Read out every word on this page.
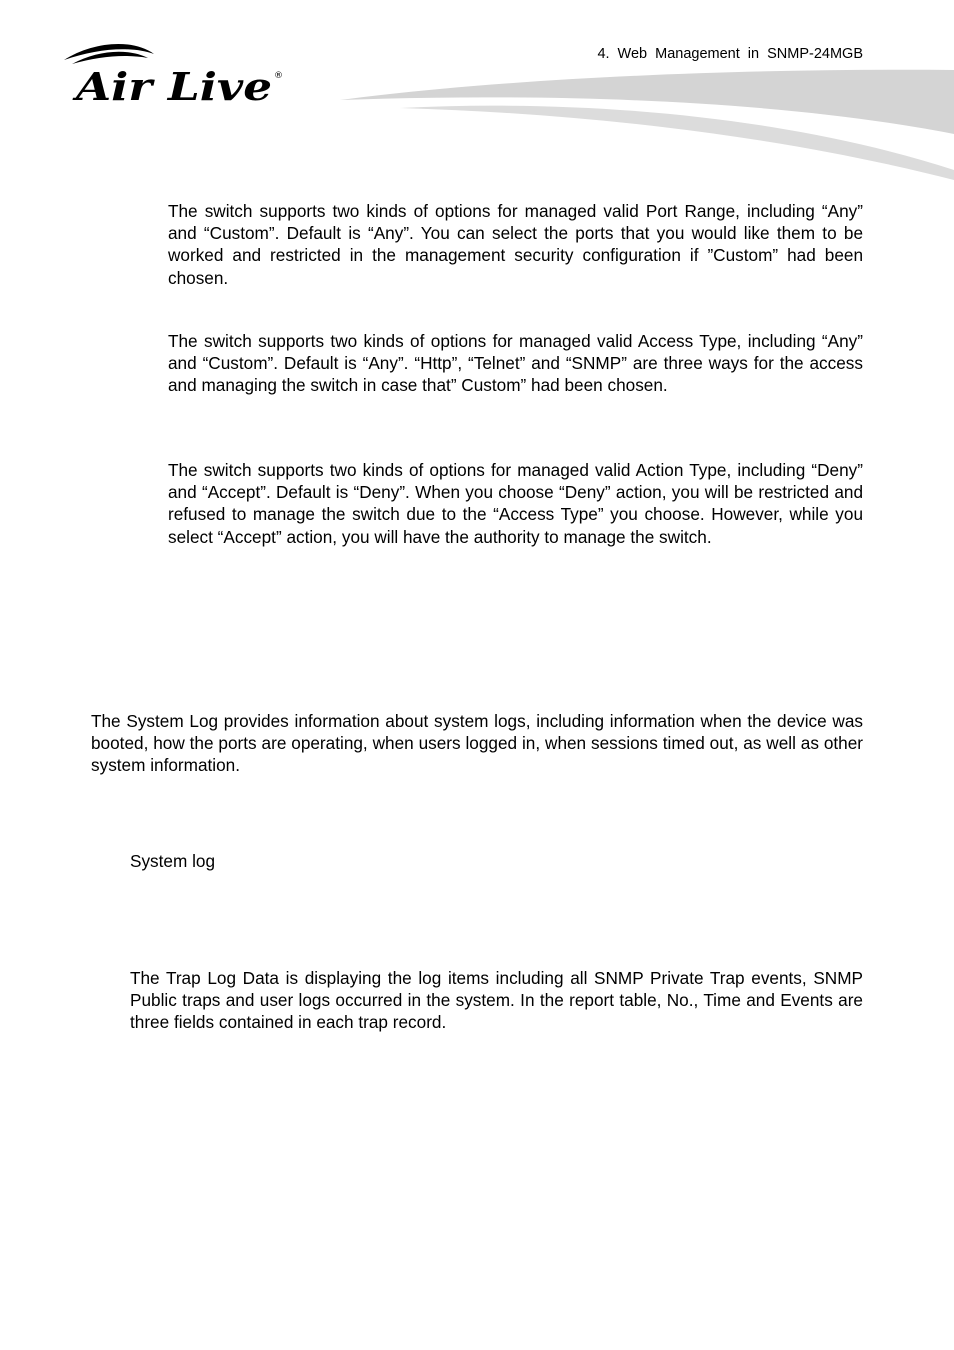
Air Live ®
4. Web Management in SNMP-24MGB

The switch supports two kinds of options for managed valid Port Range, including “Any” and “Custom”. Default is “Any”. You can select the ports that you would like them to be worked and restricted in the management security configuration if ”Custom” had been chosen.

The switch supports two kinds of options for managed valid Access Type, including “Any” and “Custom”. Default is “Any”. “Http”, “Telnet” and “SNMP” are three ways for the access and managing the switch in case that” Custom” had been chosen.

The switch supports two kinds of options for managed valid Action Type, including “Deny” and “Accept”. Default is “Deny”. When you choose “Deny” action, you will be restricted and refused to manage the switch due to the “Access Type” you choose. However, while you select “Accept” action, you will have the authority to manage the switch.

The System Log provides information about system logs, including information when the device was booted, how the ports are operating, when users logged in, when sessions timed out, as well as other system information.

System log

The Trap Log Data is displaying the log items including all SNMP Private Trap events, SNMP Public traps and user logs occurred in the system. In the report table, No., Time and Events are three fields contained in each trap record.
